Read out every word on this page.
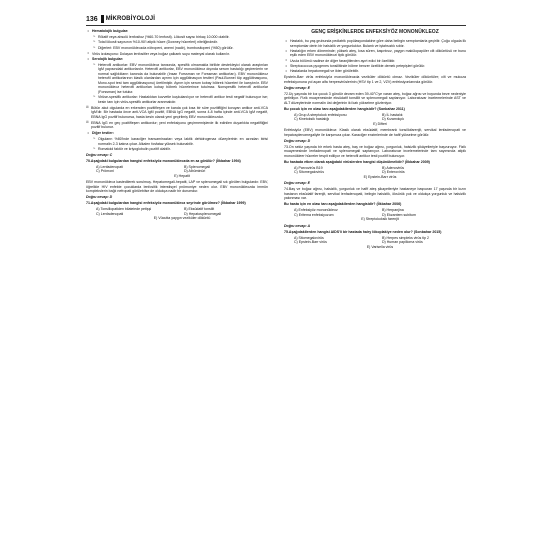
136 MİKROBİYOLOJİ
• Hematolojik bulgular:
➢ Rölatif veya absolü lenfositoz (%60-70 lenfosit). Lökosit sayısı birkaç 10.000 olabilir.
➢ Total lökosit sayısının %10-90'i atipik hücre (Downey hücreleri) niteliğindedir.
➢ Diğerleri: EBV mononükleozda nötropeni, anemi (nadir), trombositopeni (%50) görülür.
• Virüs izolasyonu: Dolaşan lenfositler veya boğaz çalkantı suyu materyal olarak kullanılır.
• Serolojik bulgular:
➢ Heterofil antikorlar: EBV mononükleoz tanısında, spesifik olmamakla birlikte destekleyici olarak araştırılan IgM yapısındaki antikorlardır. Heterofil antikorlar, EBV mononükleoz dışında serum hastalığı geçirenlerin ve normal sağlıklıların kanında da bulunabilir (Insan Forssman ve Forssman antikorları). EBV mononükleoz heterofil antikorlarının klasik olanlardan ayrımı için agglütinasyon testleri (Paul-Bunnel tüp agglütinasyonu, Mono-spot test tam agglütinasyonu) üretilmiştir. Ayrım için serum kobay böbrek hücreleri ile karıştırılır. EBV mononükleoz heterofil antikorları kobay böbrek hücrelerince tutulmaz. Nonspesifik heterofil antikorlar (Forssman) ise tutulur.
➢ Virüse-spesifik antikorlar: Hastalıktan kuvvetle kuşkulanılıyor ve heterofil antikor testi negatif bulunuyor ise; kesin tanı için virüs-spesifik antikorlar aranmalıdır.

☒ Bütün akut olgularda en erkenden pozitifleşen ve kanda çok kısa bir süre pozitifliğini koruyan antikor anti-VCA IgM'dir. Bir hastada önce anti-VCA IgM pozitif, EBNA IgG negatif, sonra 4-8 hafta içinde anti-VCA IgM negatif, EBNA IgG pozitif bulunursa, hasta kesin olarak yeni geçirilmiş EBV mononükleozdur.

☒ EBNA IgG en geç pozitifleşen antikordur; yeni enfeksiyonu geçirmemişlerde ilk edinilen duyarlıkta negatifliğini pozitif bulunur.

• Diğer testler:
➢ Olguların %80'inde karaciğer transaminazları veya laktik dehidrogenaz düzeylerinin en azından birisi normalin 2-3 katına çıkar. Alkalen fosfataz yüksek bulunabilir.
➢ Romatoid faktör ve kriyoglobulin pozitif olabilir.

Doğru cevap: C

70.Aşağıdaki bulgulardan hangisi enfeksiyöz mononükleozda en az görülür? (İlkbahar 1994)

A) Lenfadenopati	B) Splenomegali
C) Prömoni	D) Albüminüri
E) Hepatit

EBV mononükleoz kastedilerek sorulmuş. Hepatomegali-hepatit, LAP ve splenomegali sık görülen bulgulardır. EBV, öğrelikle HIV enfekte çocuklarda lenfositik interstisyel pnömoniye neden olur. EBV mononükleozda immün komplekslerin bağlı nefropati görülebilse de oldukça nadir bir durumdur.

Doğru cevap: D

71.Aşağıdaki bulgulardan hangisi enfeksiyöz mononükleoz seyrinde görülmez? (İlkbahar 1999)

A) Tonsillopatiden bilateiede petişşi	B) Eksüdatif tonsilit
C) Lenfadenopati	D) Hepatosplenomegali
E) Vücutta yaygın veziküler döküntü
GENÇ ERİŞKİNLERDE ENFEKSİYÖZ MONONÜKLEOZ
• Hastalık, bu yaş grubunda pediatrik popülasyondakine göre daha belirgin semptomlarla geçirilir. Çoğu olguda ilk semptomlar derin bir halsizlik ve yorgunluktur. Bulantı ve iştahsızlık sıktır.
• Hastalığın erken döneminde; yüksek ateş, kısa süren, kaşıntısız, yaygın makülopapüler cilt döküntüsü ve bunu eşlik eden EBV mononükleozi tipik görülür.
• Uvula bölümü nadirse de diğer faranjitlerden ayırt edici bir özelliktir.
• Streptococcus pyogenes tonsillitinde bölme benzer özellikte demek petepişleri görülür.
• Hastalarda hepatomegali ve ikter görülebilir.

Epstein-Barr virüs enfeksiyöz mononükleozda veziküler döküntü olmaz. Veziküler döküntüler; cilt ve mukoza enfeksiyonuna yol açan alfa herpesvirüslerinin (HSV tip 1 ve 2, VZV) enfeksiyonlarında görülür.

Doğru cevap: E

72.Üç yaşında bir kız çocuk 3 gündür devam eden 39-40°C'ye varan ateş, boğaz ağrısı ve boyunda beze nedeniyle getiriliyor. Fizik muayenesinde eksüdatif tonsillit ve splenomegali saptanıyor. Laboratuvar incelemelerinde AST ve ALT düzeylerinde normalin üst değerinin iki katı yükselme gözleniyor.

Bu çocuk için en olası tanı aşağıdakilerden hangisidir? (Sonbahar 2011)

A) Grup A streptokok enfeksiyonu	B) İL hastalık
C) Kinetoksik hastalığı	D) Kızamıkçık
E) Difteri

Enfeksiyöz (EBV) mononükleoz: Klasik olarak eksüdatif, membranlı tonsillofarenjit, servikal lenfadenopati ve hepatosplenomegaliyle ile karşımıza çıkar. Karaciğer enzimlerinde de hafif yükselme görülür.

Doğru cevap: D

73.On sekiz yaşında bir erkek hasta ateş, baş ve boğaz ağrısı, yorgunluk, halsizlik şikâyetleriyle başvuruyor. Fizik muayenesinde lenfadenopati ve splenomegali saptanıyor. Laboratuvar incelemelerinde tam sayımında atipik mononükleer hücreler tespit ediliyor ve heterofil antikor testi pozitif bulunuyor.

Bu hastada etken olarak aşağıdaki virüslerden hangisi düşünülmelidir? (İlkbahar 2009)

A) Parvovirüs B19	B) Adenovirüs
C) Sitomegalovirüs	D) Enterovirüs
E) Epstein-Barr virüs

Doğru cevap: E

74.Baş ve boğaz ağrısı, halsizlik, yorgunluk ve hafif ateş şikayetleriyle hastaneye başvuran 17 yaşında bir kızın hastanın eksüdatif farenjit, servikal lenfadenopati, belirgin halsizlik, öksürük yok ve oldukça yorgunluk ve halsizlik yakınması var.

Bu hasta için en olası tanı aşağıdakilerden hangisidir? (İlkbahar 2006)

A) Enfeksiyöz mononükleoz	B) Herpanjina
C) Eritema enfeksiyozum	D) Ekzantem subitum
E) Streptokoksik farenjit

Doğru cevap: A

75.Aşağıdakilerden hangisi AIDS'li bir hastada hairy lökoplakiye neden olur? (Sonbahar 2015)

A) Sitomegalovirüs	B) Herpes simpleks virüs tip 2
C) Epstein-Barr virüs	D) Human papilloma virüs
E) Varisella virüs
